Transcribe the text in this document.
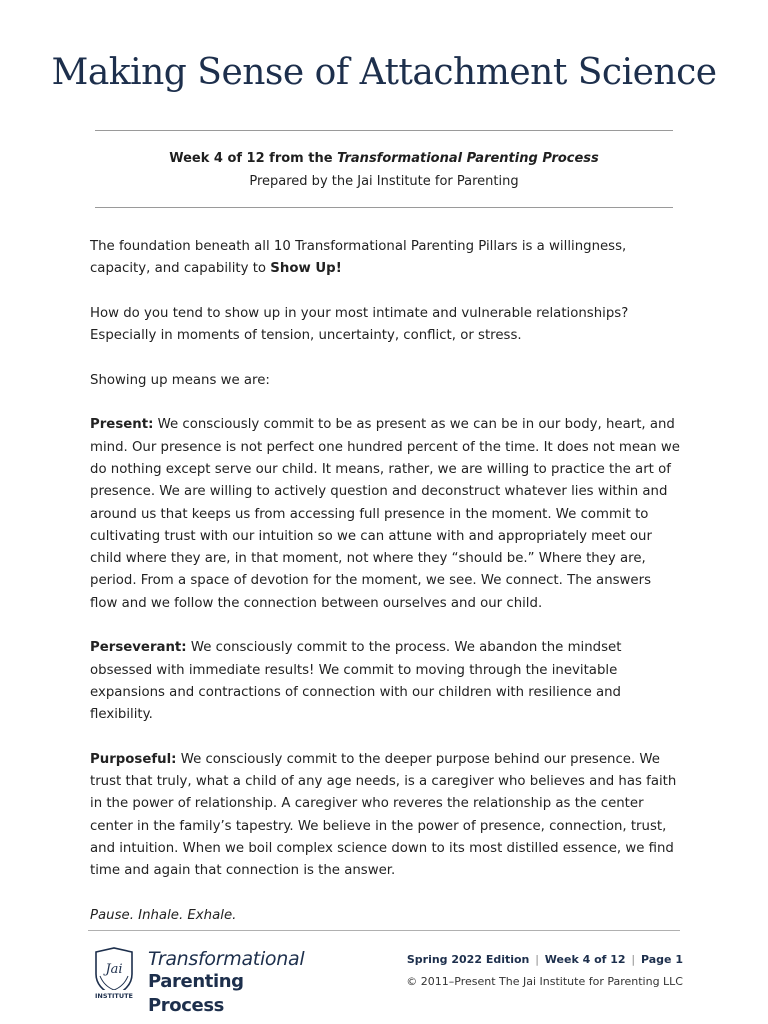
Making Sense of Attachment Science
Week 4 of 12 from the Transformational Parenting Process
Prepared by the Jai Institute for Parenting

The foundation beneath all 10 Transformational Parenting Pillars is a willingness, capacity, and capability to Show Up!

How do you tend to show up in your most intimate and vulnerable relationships? Especially in moments of tension, uncertainty, conflict, or stress.

Showing up means we are:

Present: We consciously commit to be as present as we can be in our body, heart, and mind. Our presence is not perfect one hundred percent of the time. It does not mean we do nothing except serve our child. It means, rather, we are willing to practice the art of presence. We are willing to actively question and deconstruct whatever lies within and around us that keeps us from accessing full presence in the moment. We commit to cultivating trust with our intuition so we can attune with and appropriately meet our child where they are, in that moment, not where they “should be.” Where they are, period. From a space of devotion for the moment, we see. We connect. The answers flow and we follow the connection between ourselves and our child.

Perseverant: We consciously commit to the process. We abandon the mindset obsessed with immediate results! We commit to moving through the inevitable expansions and contractions of connection with our children with resilience and flexibility.

Purposeful: We consciously commit to the deeper purpose behind our presence. We trust that truly, what a child of any age needs, is a caregiver who believes and has faith in the power of relationship. A caregiver who reveres the relationship as the center center in the family’s tapestry. We believe in the power of presence, connection, trust, and intuition. When we boil complex science down to its most distilled essence, we find time and again that connection is the answer.

Pause. Inhale. Exhale.

Jai
INSTITUTE
Transformational
Parenting Process
Spring 2022 Edition | Week 4 of 12 | Page 1
© 2011–Present The Jai Institute for Parenting LLC
